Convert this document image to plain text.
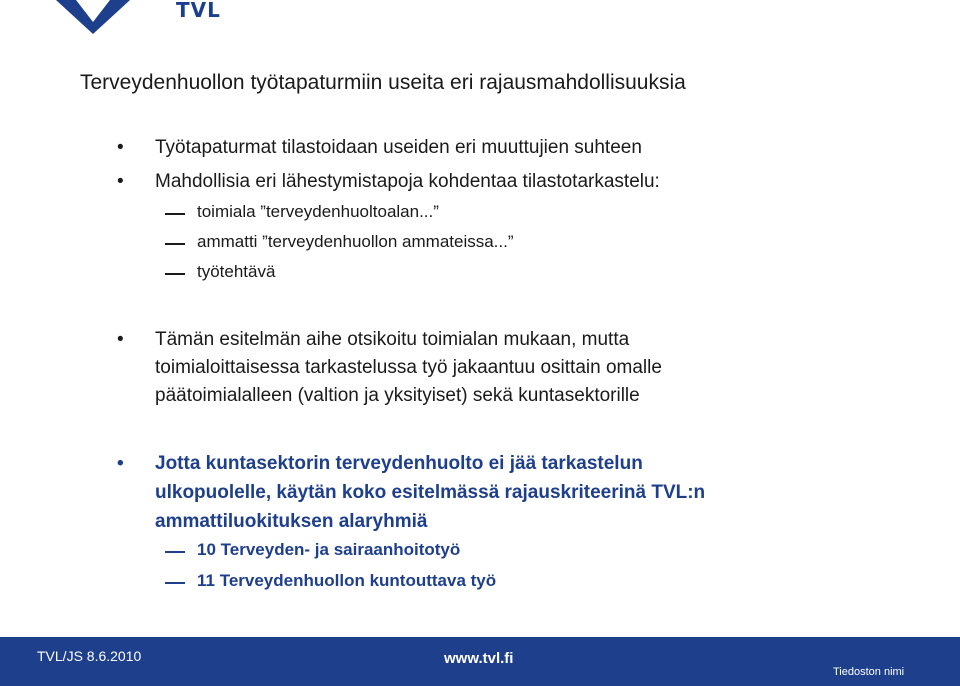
TVL
Terveydenhuollon työtapaturmiin useita eri rajausmahdollisuuksia
• Työtapaturmat tilastoidaan useiden eri muuttujien suhteen
• Mahdollisia eri lähestymistapoja kohdentaa tilastotarkastelu:
toimiala ”terveydenhuoltoalan...”
ammatti ”terveydenhuollon ammateissa...”
työtehtävä
• Tämän esitelmän aihe otsikoitu toimialan mukaan, mutta
toimialoittaisessa tarkastelussa työ jakaantuu osittain omalle
päätoimialalleen (valtion ja yksityiset) sekä kuntasektorille
• Jotta kuntasektorin terveydenhuolto ei jää tarkastelun
ulkopuolelle, käytän koko esitelmässä rajauskriteerinä TVL:n
ammattiluokituksen alaryhmiä
10 Terveyden- ja sairaanhoitotyö
11 Terveydenhuollon kuntouttava työ
TVL/JS 8.6.2010	www.tvl.fi
Tiedoston nimi
